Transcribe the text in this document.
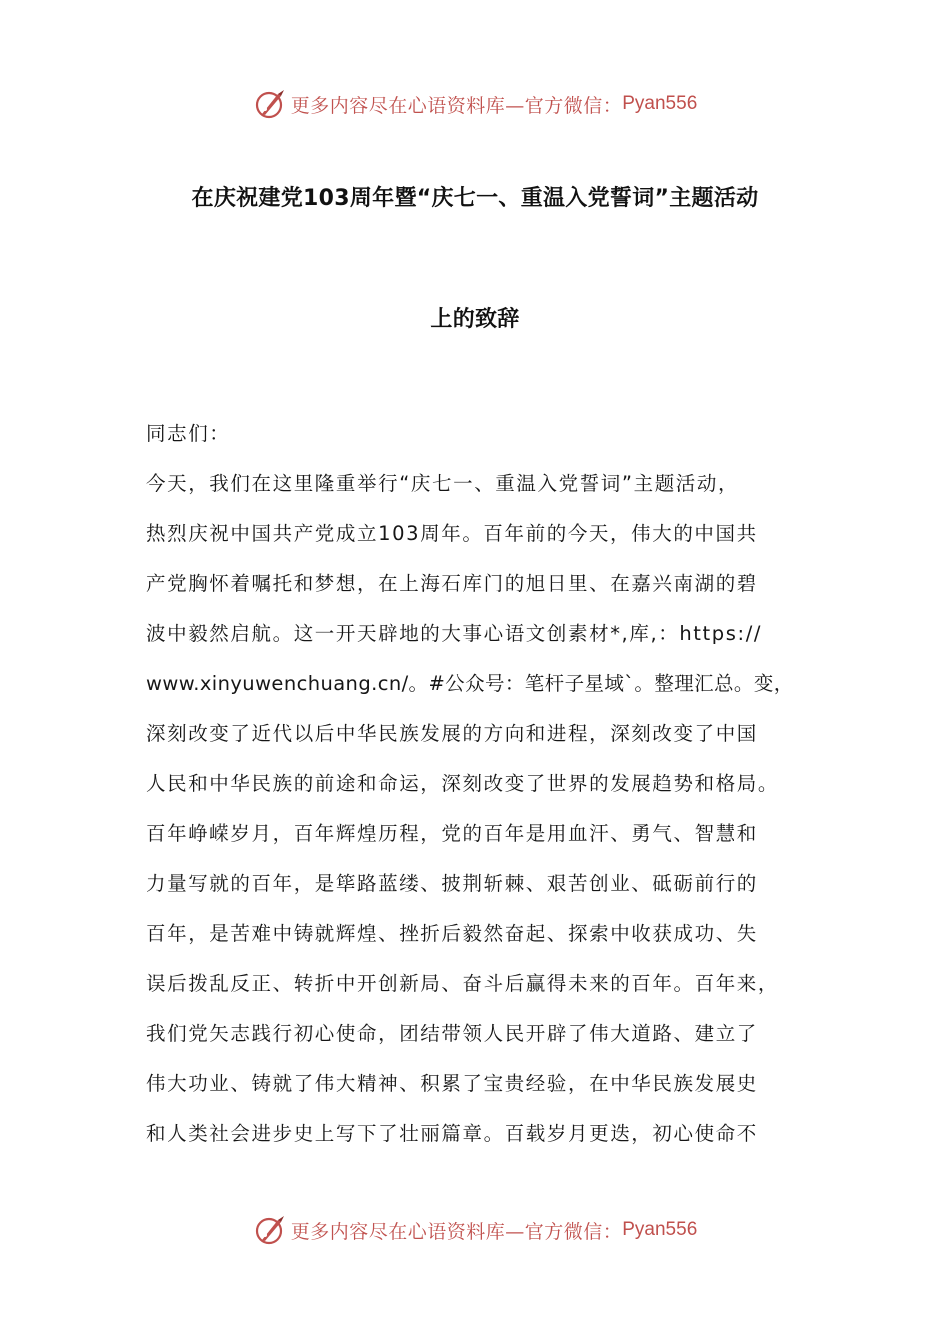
更多内容尽在心语资料库—官方微信： Pyan556
在庆祝建党103周年暨“庆七一、重温入党誓词”主题活动
上的致辞
同志们：
今天，我们在这里隆重举行“庆七一、重温入党誓词”主题活动，
热烈庆祝中国共产党成立103周年。百年前的今天，伟大的中国共
产党胸怀着嘱托和梦想，在上海石库门的旭日里、在嘉兴南湖的碧
波中毅然启航。这一开天辟地的大事心语文创素材*,库,：https://
www.xinyuwenchuang.cn/。#公众号：笔杆子星域`。整理汇总。变，
深刻改变了近代以后中华民族发展的方向和进程，深刻改变了中国
人民和中华民族的前途和命运，深刻改变了世界的发展趋势和格局。
百年峥嵘岁月，百年辉煌历程，党的百年是用血汗、勇气、智慧和
力量写就的百年，是筚路蓝缕、披荆斩棘、艰苦创业、砥砺前行的
百年，是苦难中铸就辉煌、挫折后毅然奋起、探索中收获成功、失
误后拨乱反正、转折中开创新局、奋斗后赢得未来的百年。百年来，
我们党矢志践行初心使命，团结带领人民开辟了伟大道路、建立了
伟大功业、铸就了伟大精神、积累了宝贵经验，在中华民族发展史
和人类社会进步史上写下了壮丽篇章。百载岁月更迭，初心使命不
更多内容尽在心语资料库—官方微信： Pyan556
